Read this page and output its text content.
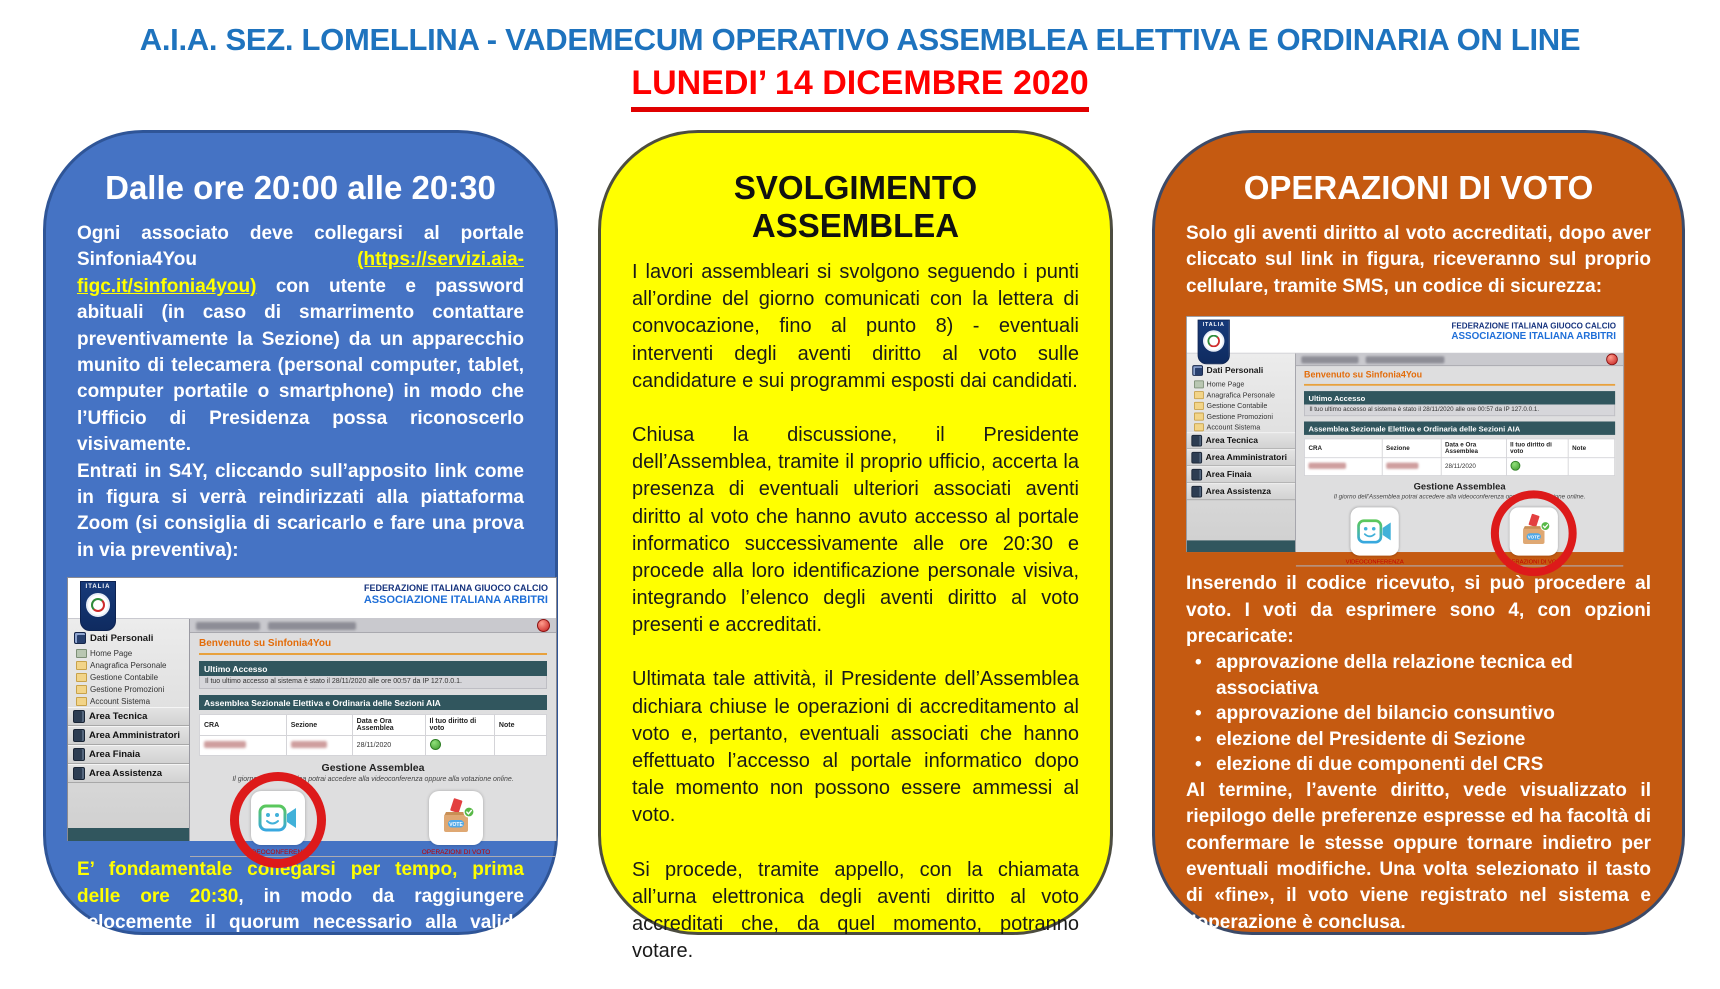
A.I.A. SEZ. LOMELLINA - VADEMECUM OPERATIVO ASSEMBLEA ELETTIVA E ORDINARIA ON LINE
LUNEDI’ 14 DICEMBRE 2020
Dalle ore 20:00 alle 20:30

Ogni associato deve collegarsi al portale Sinfonia4You (https://servizi.aia-figc.it/sinfonia4you) con utente e password abituali (in caso di smarrimento contattare preventivamente la Sezione) da un apparecchio munito di telecamera (personal computer, tablet, computer portatile o smartphone) in modo che l’Ufficio di Presidenza possa riconoscerlo visivamente.

Entrati in S4Y, cliccando sull’apposito link come in figura si verrà reindirizzati alla piattaforma Zoom (si consiglia di scaricarlo e fare una prova in via preventiva):

ITALIA	FEDERAZIONE ITALIANA GIUOCO CALCIO
ASSOCIAZIONE ITALIANA ARBITRI
Dati Personali
Home Page
Anagrafica Personale
Gestione Contabile
Gestione Promozioni
Account Sistema
Area Tecnica
Area Amministratori
Area Finaia
Area Assistenza
Benvenuto su Sinfonia4You
Ultimo Accesso
Il tuo ultimo accesso al sistema è stato il 28/11/2020 alle ore 00:57 da IP 127.0.0.1.
Assemblea Sezionale Elettiva e Ordinaria delle Sezioni AIA
CRA	Sezione	Data e Ora Assemblea	Il tuo diritto di voto	Note
		28/11/2020		
Gestione Assemblea
Il giorno dell’Assemblea potrai accedere alla videoconferenza oppure alla votazione online.
VIDEOCONFERENZA
VOTE
OPERAZIONI DI VOTO

E’ fondamentale collegarsi per tempo, prima delle ore 20:30, in modo da raggiungere velocemente il quorum necessario alla valida apertura dell’Assemblea Sezionale Elettiva e Ordinaria.

SVOLGIMENTO ASSEMBLEA

I lavori assembleari si svolgono seguendo i punti all’ordine del giorno comunicati con la lettera di convocazione, fino al punto 8) - eventuali interventi degli aventi diritto al voto sulle candidature e sui programmi esposti dai candidati.

Chiusa la discussione, il Presidente dell’Assemblea, tramite il proprio ufficio, accerta la presenza di eventuali ulteriori associati aventi diritto al voto che hanno avuto accesso al portale informatico successivamente alle ore 20:30 e procede alla loro identificazione personale visiva, integrando l’elenco degli aventi diritto al voto presenti e accreditati.

Ultimata tale attività, il Presidente dell’Assemblea dichiara chiuse le operazioni di accreditamento al voto e, pertanto, eventuali associati che hanno effettuato l’accesso al portale informatico dopo tale momento non possono essere ammessi al voto.

Si procede, tramite appello, con la chiamata all’urna elettronica degli aventi diritto al voto accreditati che, da quel momento, potranno votare.

OPERAZIONI DI VOTO

Solo gli aventi diritto al voto accreditati, dopo aver cliccato sul link in figura, riceveranno sul proprio cellulare, tramite SMS, un codice di sicurezza:

ITALIA	FEDERAZIONE ITALIANA GIUOCO CALCIO
ASSOCIAZIONE ITALIANA ARBITRI
Dati Personali
Home Page
Anagrafica Personale
Gestione Contabile
Gestione Promozioni
Account Sistema
Area Tecnica
Area Amministratori
Area Finaia
Area Assistenza
Benvenuto su Sinfonia4You
Ultimo Accesso
Il tuo ultimo accesso al sistema è stato il 28/11/2020 alle ore 00:57 da IP 127.0.0.1.
Assemblea Sezionale Elettiva e Ordinaria delle Sezioni AIA
CRA	Sezione	Data e Ora Assemblea	Il tuo diritto di voto	Note
		28/11/2020		
Gestione Assemblea
Il giorno dell’Assemblea potrai accedere alla videoconferenza oppure alla votazione online.
VIDEOCONFERENZA
VOTE
OPERAZIONI DI VOTO

Inserendo il codice ricevuto, si può procedere al voto. I voti da esprimere sono 4, con opzioni precaricate:

• approvazione della relazione tecnica ed associativa

• approvazione del bilancio consuntivo

• elezione del Presidente di Sezione

• elezione di due componenti del CRS

Al termine, l’avente diritto, vede visualizzato il riepilogo delle preferenze espresse ed ha facoltà di confermare le stesse oppure tornare indietro per eventuali modifiche. Una volta selezionato il tasto di «fine», il voto viene registrato nel sistema e l’operazione è conclusa.
